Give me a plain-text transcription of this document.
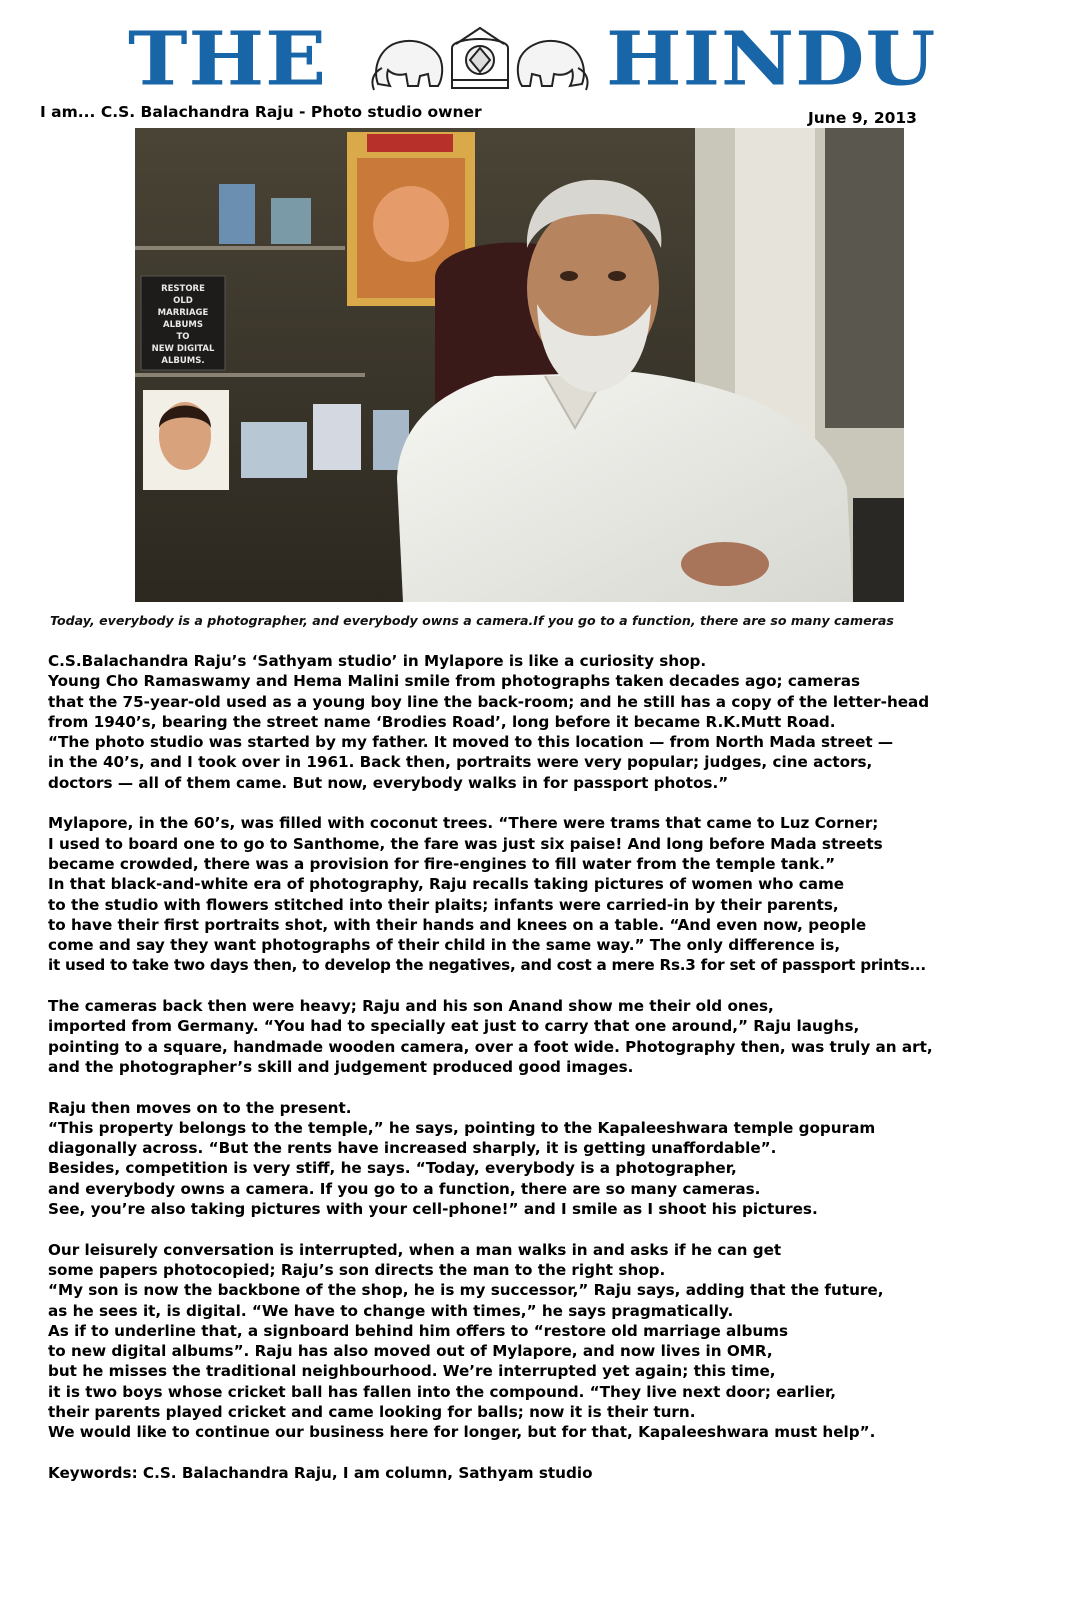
THE	HINDU
I am... C.S. Balachandra Raju - Photo studio owner	June 9, 2013
RESTORE
OLD
MARRIAGE
ALBUMS
TO
NEW DIGITAL
ALBUMS.
Today, everybody is a photographer, and everybody owns a camera.If you go to a function, there are so many cameras
C.S.Balachandra Raju’s ‘Sathyam studio’ in Mylapore is like a curiosity shop.
Young Cho Ramaswamy and Hema Malini smile from photographs taken decades ago; cameras
that the 75-year-old used as a young boy line the back-room; and he still has a copy of the letter-head
from 1940’s, bearing the street name ‘Brodies Road’, long before it became R.K.Mutt Road.
“The photo studio was started by my father. It moved to this location — from North Mada street —
in the 40’s, and I took over in 1961. Back then, portraits were very popular; judges, cine actors,
doctors — all of them came. But now, everybody walks in for passport photos.”
Mylapore, in the 60’s, was filled with coconut trees. “There were trams that came to Luz Corner;
I used to board one to go to Santhome, the fare was just six paise! And long before Mada streets
became crowded, there was a provision for fire-engines to fill water from the temple tank.”
In that black-and-white era of photography, Raju recalls taking pictures of women who came
to the studio with flowers stitched into their plaits; infants were carried-in by their parents,
to have their first portraits shot, with their hands and knees on a table. “And even now, people
come and say they want photographs of their child in the same way.” The only difference is,
it used to take two days then, to develop the negatives, and cost a mere Rs.3 for set of passport prints...
The cameras back then were heavy; Raju and his son Anand show me their old ones,
imported from Germany. “You had to specially eat just to carry that one around,” Raju laughs,
pointing to a square, handmade wooden camera, over a foot wide. Photography then, was truly an art,
and the photographer’s skill and judgement produced good images.
Raju then moves on to the present.
“This property belongs to the temple,” he says, pointing to the Kapaleeshwara temple gopuram
diagonally across. “But the rents have increased sharply, it is getting unaffordable”.
Besides, competition is very stiff, he says. “Today, everybody is a photographer,
and everybody owns a camera. If you go to a function, there are so many cameras.
See, you’re also taking pictures with your cell-phone!” and I smile as I shoot his pictures.
Our leisurely conversation is interrupted, when a man walks in and asks if he can get
some papers photocopied; Raju’s son directs the man to the right shop.
“My son is now the backbone of the shop, he is my successor,” Raju says, adding that the future,
as he sees it, is digital. “We have to change with times,” he says pragmatically.
As if to underline that, a signboard behind him offers to “restore old marriage albums
to new digital albums”. Raju has also moved out of Mylapore, and now lives in OMR,
but he misses the traditional neighbourhood. We’re interrupted yet again; this time,
it is two boys whose cricket ball has fallen into the compound. “They live next door; earlier,
their parents played cricket and came looking for balls; now it is their turn.
We would like to continue our business here for longer, but for that, Kapaleeshwara must help”.
Keywords: C.S. Balachandra Raju, I am column, Sathyam studio
